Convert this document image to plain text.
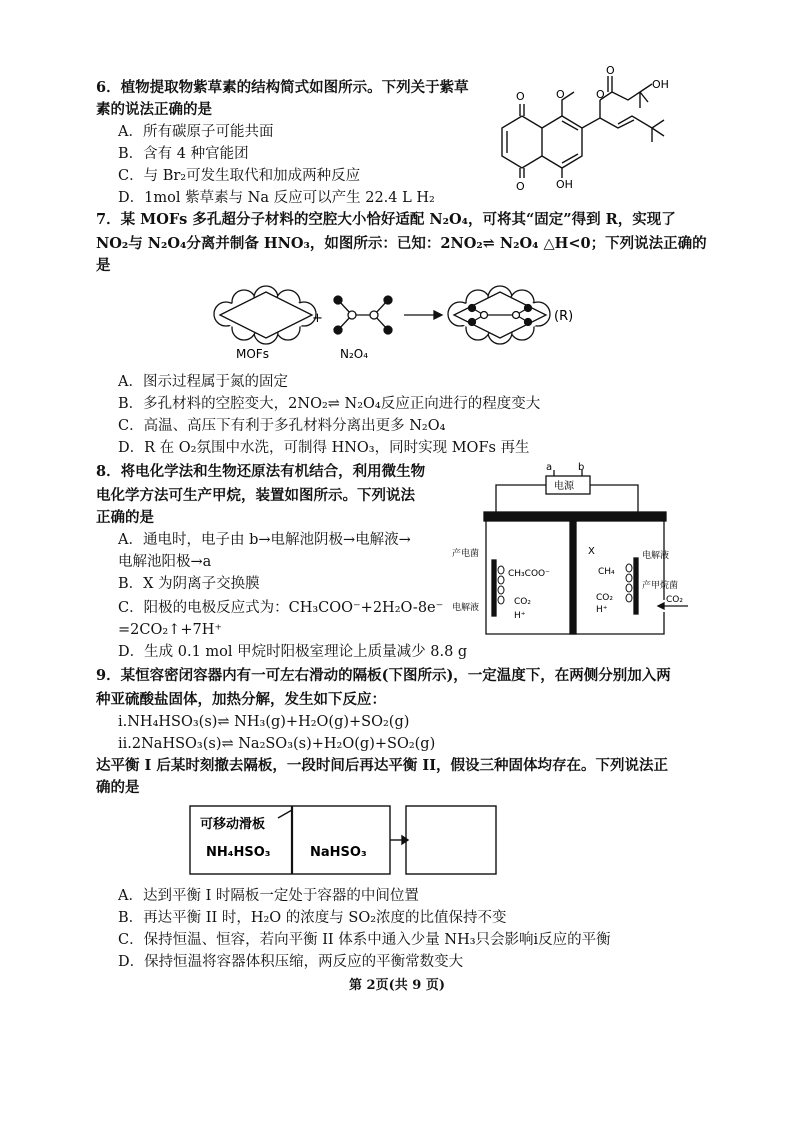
6．植物提取物紫草素的结构简式如图所示。下列关于紫草
素的说法正确的是
A．所有碳原子可能共面
B．含有 4 种官能团
C．与 Br₂可发生取代和加成两种反应
D．1mol 紫草素与 Na 反应可以产生 22.4 L H₂
O
O	OH
O	O
O
OH
7．某 MOFs 多孔超分子材料的空腔大小恰好适配 N₂O₄，可将其“固定”得到 R，实现了
NO₂与 N₂O₄分离并制备 HNO₃，如图所示：已知：2NO₂⇌ N₂O₄ △H<0；下列说法正确的
是
MOFs
+
N₂O₄
(R)
A．图示过程属于氮的固定
B．多孔材料的空腔变大，2NO₂⇌ N₂O₄反应正向进行的程度变大
C．高温、高压下有利于多孔材料分离出更多 N₂O₄
D．R 在 O₂氛围中水洗，可制得 HNO₃，同时实现 MOFs 再生
8．将电化学法和生物还原法有机结合，利用微生物
电化学方法可生产甲烷，装置如图所示。下列说法
正确的是
A．通电时，电子由 b→电解池阴极→电解液→
电解池阳极→a
B．X 为阴离子交换膜
C．阳极的电极反应式为：CH₃COO⁻+2H₂O-8e⁻
=2CO₂↑+7H⁺
D．生成 0.1 mol 甲烷时阳极室理论上质量减少 8.8 g
a	b
电源
产电菌
电解液
CH₃COO⁻
CO₂
H⁺
X
CH₄
CO₂
H⁺
电解液
产甲烷菌
CO₂
9．某恒容密闭容器内有一可左右滑动的隔板(下图所示)，一定温度下，在两侧分别加入两
种亚硫酸盐固体，加热分解，发生如下反应：
i.NH₄HSO₃(s)⇌ NH₃(g)+H₂O(g)+SO₂(g)
ii.2NaHSO₃(s)⇌ Na₂SO₃(s)+H₂O(g)+SO₂(g)
达平衡 I 后某时刻撤去隔板，一段时间后再达平衡 II，假设三种固体均存在。下列说法正
确的是
可移动滑板
NH₄HSO₃	NaHSO₃
A．达到平衡 I 时隔板一定处于容器的中间位置
B．再达平衡 II 时，H₂O 的浓度与 SO₂浓度的比值保持不变
C．保持恒温、恒容，若向平衡 II 体系中通入少量 NH₃只会影响i反应的平衡
D．保持恒温将容器体积压缩，两反应的平衡常数变大
第 2页(共 9 页)
